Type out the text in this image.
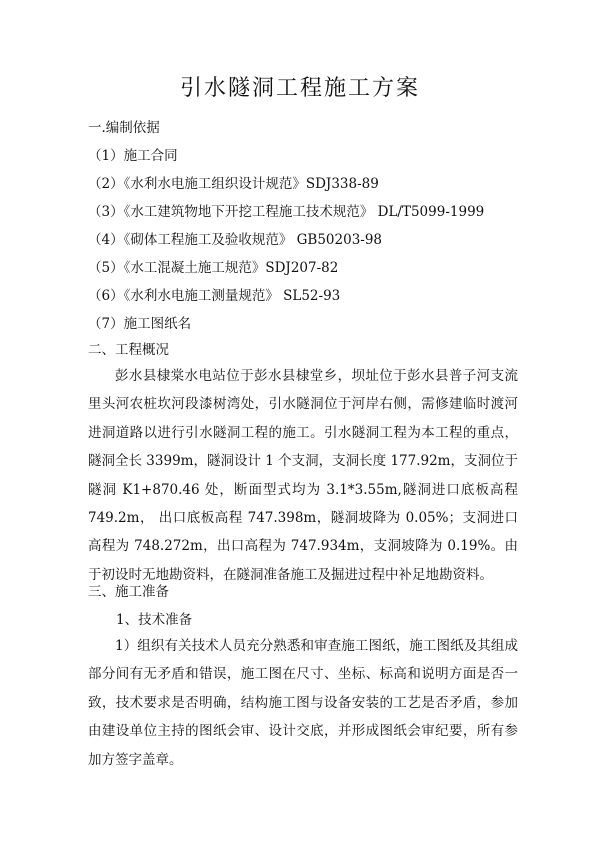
引水隧洞工程施工方案
一.编制依据
（1）施工合同
（2）《水利水电施工组织设计规范》SDJ338-89
（3）《水工建筑物地下开挖工程施工技术规范》 DL/T5099-1999
（4）《砌体工程施工及验收规范》 GB50203-98
（5）《水工混凝土施工规范》SDJ207-82
（6）《水利水电施工测量规范》 SL52-93
（7）施工图纸名
二、工程概况
彭水县棣棠水电站位于彭水县棣堂乡，坝址位于彭水县普子河支流里头河农桩坎河段漆树湾处，引水隧洞位于河岸右侧，需修建临时渡河进洞道路以进行引水隧洞工程的施工。引水隧洞工程为本工程的重点，隧洞全长 3399m，隧洞设计 1 个支洞，支洞长度 177.92m，支洞位于隧洞 K1+870.46 处，断面型式均为 3.1*3.55m,隧洞进口底板高程 749.2m， 出口底板高程 747.398m，隧洞坡降为 0.05%；支洞进口高程为 748.272m，出口高程为 747.934m，支洞坡降为 0.19%。由于初设时无地勘资料，在隧洞准备施工及掘进过程中补足地勘资料。
三、施工准备
1、技术准备
1）组织有关技术人员充分熟悉和审查施工图纸，施工图纸及其组成部分间有无矛盾和错误，施工图在尺寸、坐标、标高和说明方面是否一致，技术要求是否明确，结构施工图与设备安装的工艺是否矛盾，参加由建设单位主持的图纸会审、设计交底，并形成图纸会审纪要，所有参加方签字盖章。
